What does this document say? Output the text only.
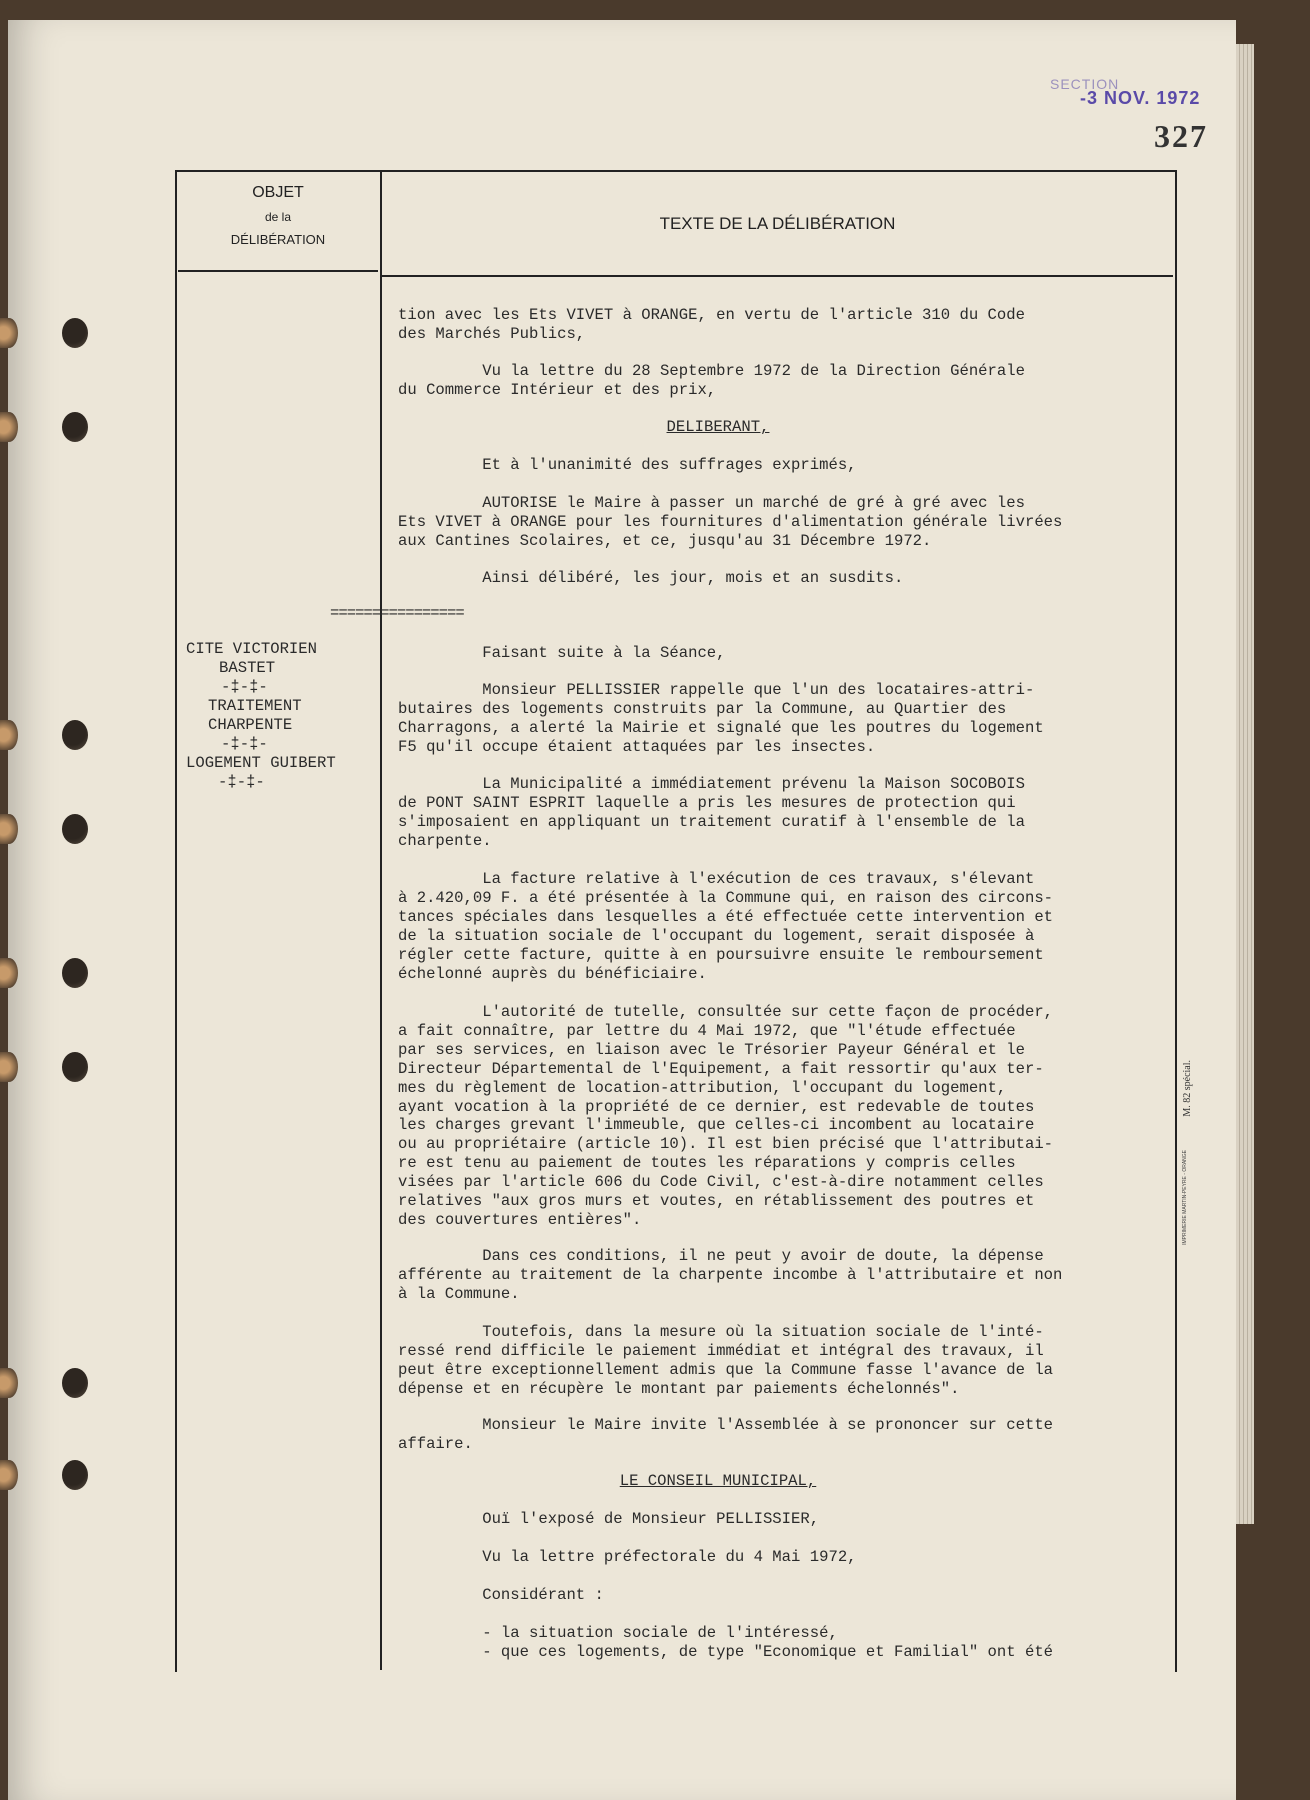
SECTION
-3 NOV. 1972
327
OBJET
de la
DÉLIBÉRATION
TEXTE DE LA DÉLIBÉRATION
M. 82 spécial.
IMPRIMERIE MARTIN-PEYRE - ORANGE
CITE VICTORIEN
BASTET
-‡-‡-
TRAITEMENT
CHARPENTE
-‡-‡-
LOGEMENT GUIBERT
-‡-‡-
================
tion avec les Ets VIVET à ORANGE, en vertu de l'article 310 du Code
des Marchés Publics,
Vu la lettre du 28 Septembre 1972 de la Direction Générale
du Commerce Intérieur et des prix,
DELIBERANT,
Et à l'unanimité des suffrages exprimés,
AUTORISE le Maire à passer un marché de gré à gré avec les
Ets VIVET à ORANGE pour les fournitures d'alimentation générale livrées
aux Cantines Scolaires, et ce, jusqu'au 31 Décembre 1972.
Ainsi délibéré, les jour, mois et an susdits.
Faisant suite à la Séance,
Monsieur PELLISSIER rappelle que l'un des locataires-attri-
butaires des logements construits par la Commune, au Quartier des
Charragons, a alerté la Mairie et signalé que les poutres du logement
F5 qu'il occupe étaient attaquées par les insectes.
La Municipalité a immédiatement prévenu la Maison SOCOBOIS
de PONT SAINT ESPRIT laquelle a pris les mesures de protection qui
s'imposaient en appliquant un traitement curatif à l'ensemble de la
charpente.
La facture relative à l'exécution de ces travaux, s'élevant
à 2.420,09 F. a été présentée à la Commune qui, en raison des circons-
tances spéciales dans lesquelles a été effectuée cette intervention et
de la situation sociale de l'occupant du logement, serait disposée à
régler cette facture, quitte à en poursuivre ensuite le remboursement
échelonné auprès du bénéficiaire.
L'autorité de tutelle, consultée sur cette façon de procéder,
a fait connaître, par lettre du 4 Mai 1972, que "l'étude effectuée
par ses services, en liaison avec le Trésorier Payeur Général et le
Directeur Départemental de l'Equipement, a fait ressortir qu'aux ter-
mes du règlement de location-attribution, l'occupant du logement,
ayant vocation à la propriété de ce dernier, est redevable de toutes
les charges grevant l'immeuble, que celles-ci incombent au locataire
ou au propriétaire (article 10). Il est bien précisé que l'attributai-
re est tenu au paiement de toutes les réparations y compris celles
visées par l'article 606 du Code Civil, c'est-à-dire notamment celles
relatives "aux gros murs et voutes, en rétablissement des poutres et
des couvertures entières".
Dans ces conditions, il ne peut y avoir de doute, la dépense
afférente au traitement de la charpente incombe à l'attributaire et non
à la Commune.
Toutefois, dans la mesure où la situation sociale de l'inté-
ressé rend difficile le paiement immédiat et intégral des travaux, il
peut être exceptionnellement admis que la Commune fasse l'avance de la
dépense et en récupère le montant par paiements échelonnés".
Monsieur le Maire invite l'Assemblée à se prononcer sur cette
affaire.
LE CONSEIL MUNICIPAL,
Ouï l'exposé de Monsieur PELLISSIER,
Vu la lettre préfectorale du 4 Mai 1972,
Considérant :
- la situation sociale de l'intéressé,
- que ces logements, de type "Economique et Familial" ont été
